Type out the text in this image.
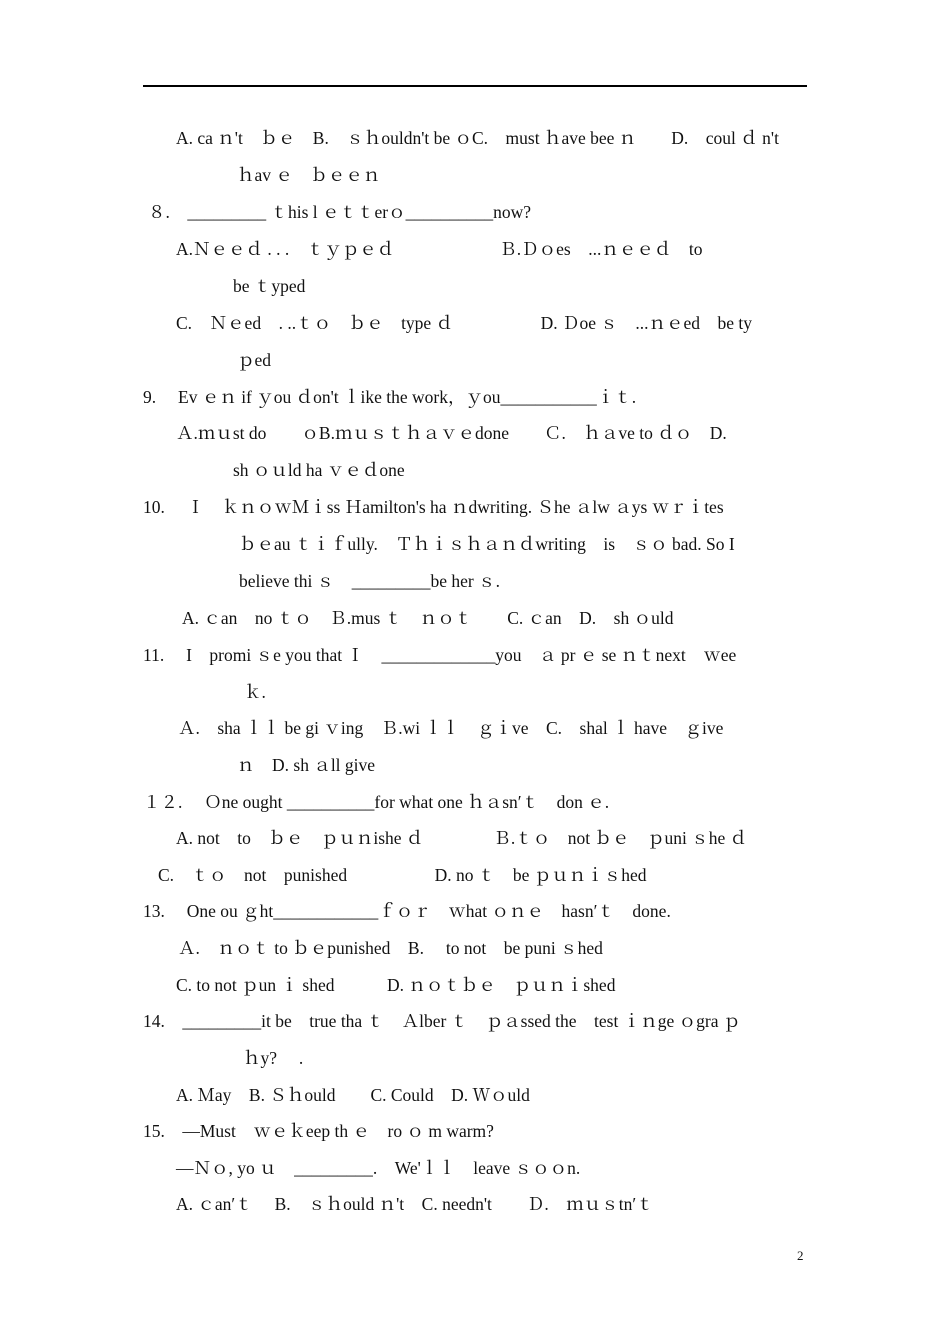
A. ca ｎ't　ｂｅ　B.　ｓｈouldn't be ｏC.　must ｈave bee ｎ　　D.　coul ｄ n't
ｈav ｅ　ｂｅｅｎ
８.　_________ ｔhis l ｅｔｔerｏ__________now?
A.Ｎｅｅｄ . . .　ｔｙｐｅｄ　　　　　　Ｂ.Ｄｏes　...ｎｅｅｄ　to
be ｔyped
C.　Ｎｅed　. ..ｔｏ　ｂｅ　type ｄ　　　　　D. Ｄoe ｓ　...ｎｅed　be ty
ｐed
9.　 Ev ｅｎ if ｙou ｄon't ｌike the work，ｙou___________ｉｔ.
Ａ.ｍｕst do　　ｏB.ｍｕｓｔｈａｖｅdone　　Ｃ.　ｈａve to ｄｏ　D.
sh ｏｕld ha ｖｅｄone
10.　 Ｉ　ｋｎｏｗＭｉss Ｈamilton's ha ｎdwriting. Ｓhe ａlw ａys ｗｒｉtes
ｂｅau ｔｉｆully.　Ｔｈｉｓｈａｎｄwriting　is　ｓｏ bad. So I
believe thi ｓ　_________be her ｓ.
A. ｃan　no ｔｏ　Ｂ.mus ｔ　ｎｏｔ　　C. ｃan　D.　sh ｏuld
11.　 I　promi ｓe you that Ｉ　_____________you　ａ pr ｅ se ｎｔnext　ｗee
ｋ.
Ａ.　sha ｌｌ be gi ｖing　Ｂ.wi ｌｌ　ｇｉve　C.　shal ｌ have　ｇive
ｎ　D. sh ａll give
１２.　 Ｏne ought __________for what one ｈａsn′ｔ　don ｅ.
A. not　to　ｂｅ　ｐｕｎishe ｄ　　　　Ｂ.ｔｏ　not ｂｅ　ｐuni ｓhe ｄ
C.　ｔｏ　not　punished　　　　　D. no ｔ　be ｐｕｎｉｓhed
13.　 One ou ｇht____________ｆｏｒ　ｗhat ｏｎｅ　hasn′ｔ　done.
Ａ.　ｎｏｔ to ｂｅpunished　B.　 to not　be puni ｓhed
C. to not ｐun ｉ shed　　　D. ｎｏｔｂｅ　ｐｕｎｉshed
14.　_________it be　true tha ｔ　Ａlber ｔ　ｐａssed the　test ｉｎge ｏgra ｐ
ｈy?　 .
A. Ｍay　B. Ｓｈould　　C. Could　D. Ｗｏuld
15.　—Must　ｗｅｋeep th ｅ　ro ｏ m warm?
—Ｎｏ, yo ｕ　_________.　We'ｌｌ　leave ｓｏｏn.
A. ｃan′ｔ　 B.　ｓｈould ｎ't　C. needn't　　Ｄ.　ｍｕｓtn′ｔ
2
